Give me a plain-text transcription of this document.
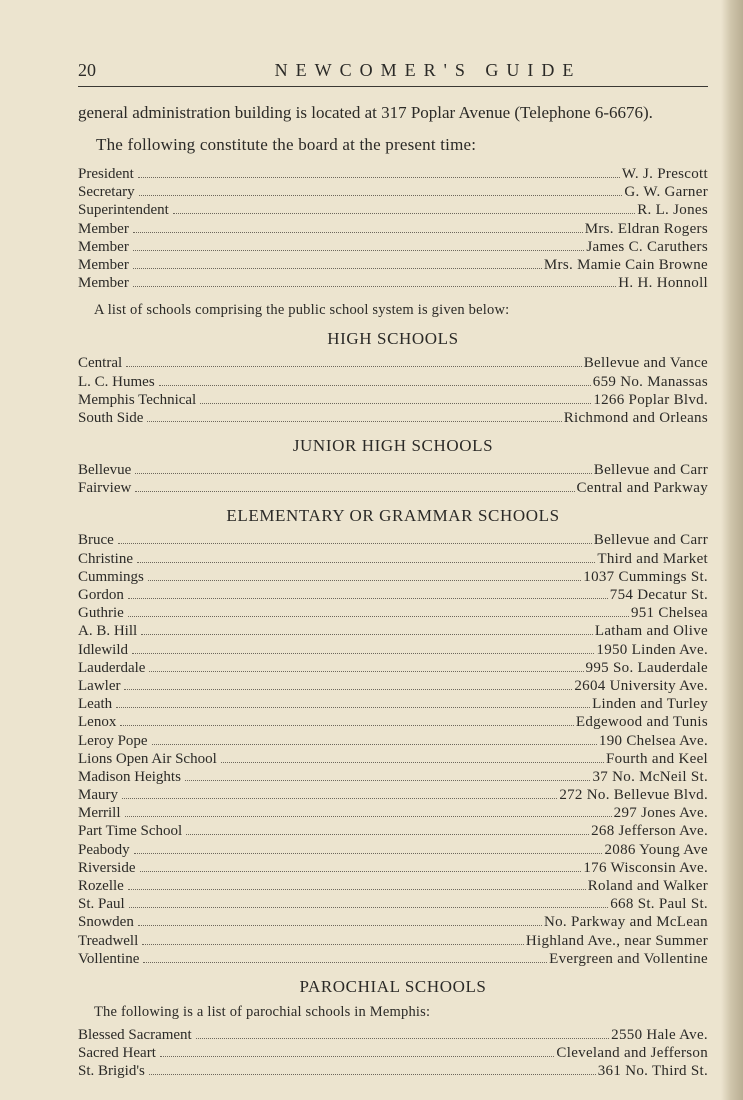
20	NEWCOMER'S GUIDE

general administration building is located at 317 Poplar Avenue (Telephone 6-6676).

The following constitute the board at the present time:

President	W. J. Prescott
Secretary	G. W. Garner
Superintendent	R. L. Jones
Member	Mrs. Eldran Rogers
Member	James C. Caruthers
Member	Mrs. Mamie Cain Browne
Member	H. H. Honnoll

A list of schools comprising the public school system is given below:

HIGH SCHOOLS
Central	Bellevue and Vance
L. C. Humes	659 No. Manassas
Memphis Technical	1266 Poplar Blvd.
South Side	Richmond and Orleans
JUNIOR HIGH SCHOOLS
Bellevue	Bellevue and Carr
Fairview	Central and Parkway
ELEMENTARY OR GRAMMAR SCHOOLS
Bruce	Bellevue and Carr
Christine	Third and Market
Cummings	1037 Cummings St.
Gordon	754 Decatur St.
Guthrie	951 Chelsea
A. B. Hill	Latham and Olive
Idlewild	1950 Linden Ave.
Lauderdale	995 So. Lauderdale
Lawler	2604 University Ave.
Leath	Linden and Turley
Lenox	Edgewood and Tunis
Leroy Pope	190 Chelsea Ave.
Lions Open Air School	Fourth and Keel
Madison Heights	37 No. McNeil St.
Maury	272 No. Bellevue Blvd.
Merrill	297 Jones Ave.
Part Time School	268 Jefferson Ave.
Peabody	2086 Young Ave
Riverside	176 Wisconsin Ave.
Rozelle	Roland and Walker
St. Paul	668 St. Paul St.
Snowden	No. Parkway and McLean
Treadwell	Highland Ave., near Summer
Vollentine	Evergreen and Vollentine
PAROCHIAL SCHOOLS

The following is a list of parochial schools in Memphis:

Blessed Sacrament	2550 Hale Ave.
Sacred Heart	Cleveland and Jefferson
St. Brigid's	361 No. Third St.
